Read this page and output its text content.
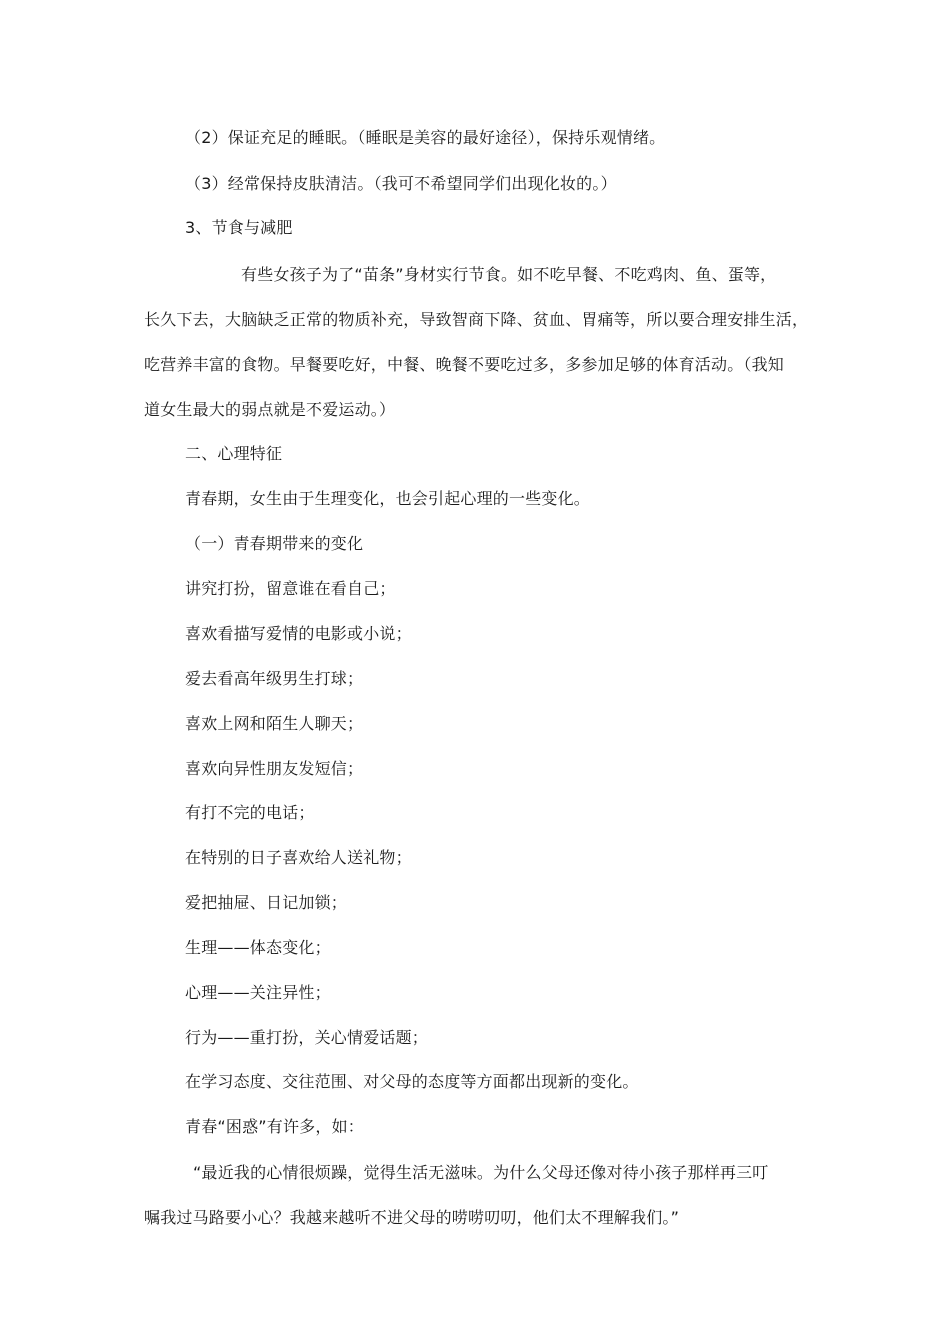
（2）保证充足的睡眠。（睡眠是美容的最好途径），保持乐观情绪。
（3）经常保持皮肤清洁。（我可不希望同学们出现化妆的。）
3、节食与减肥
有些女孩子为了“苗条”身材实行节食。如不吃早餐、不吃鸡肉、鱼、蛋等，
长久下去，大脑缺乏正常的物质补充，导致智商下降、贫血、胃痛等，所以要合理安排生活，
吃营养丰富的食物。早餐要吃好，中餐、晚餐不要吃过多，多参加足够的体育活动。（我知
道女生最大的弱点就是不爱运动。）
二、心理特征
青春期，女生由于生理变化，也会引起心理的一些变化。
（一）青春期带来的变化
讲究打扮，留意谁在看自己；
喜欢看描写爱情的电影或小说；
爱去看高年级男生打球；
喜欢上网和陌生人聊天；
喜欢向异性朋友发短信；
有打不完的电话；
在特别的日子喜欢给人送礼物；
爱把抽屉、日记加锁；
生理——体态变化；
心理——关注异性；
行为——重打扮，关心情爱话题；
在学习态度、交往范围、对父母的态度等方面都出现新的变化。
青春“困惑”有许多，如：
“最近我的心情很烦躁，觉得生活无滋味。为什么父母还像对待小孩子那样再三叮
嘱我过马路要小心？我越来越听不进父母的唠唠叨叨，他们太不理解我们。”
